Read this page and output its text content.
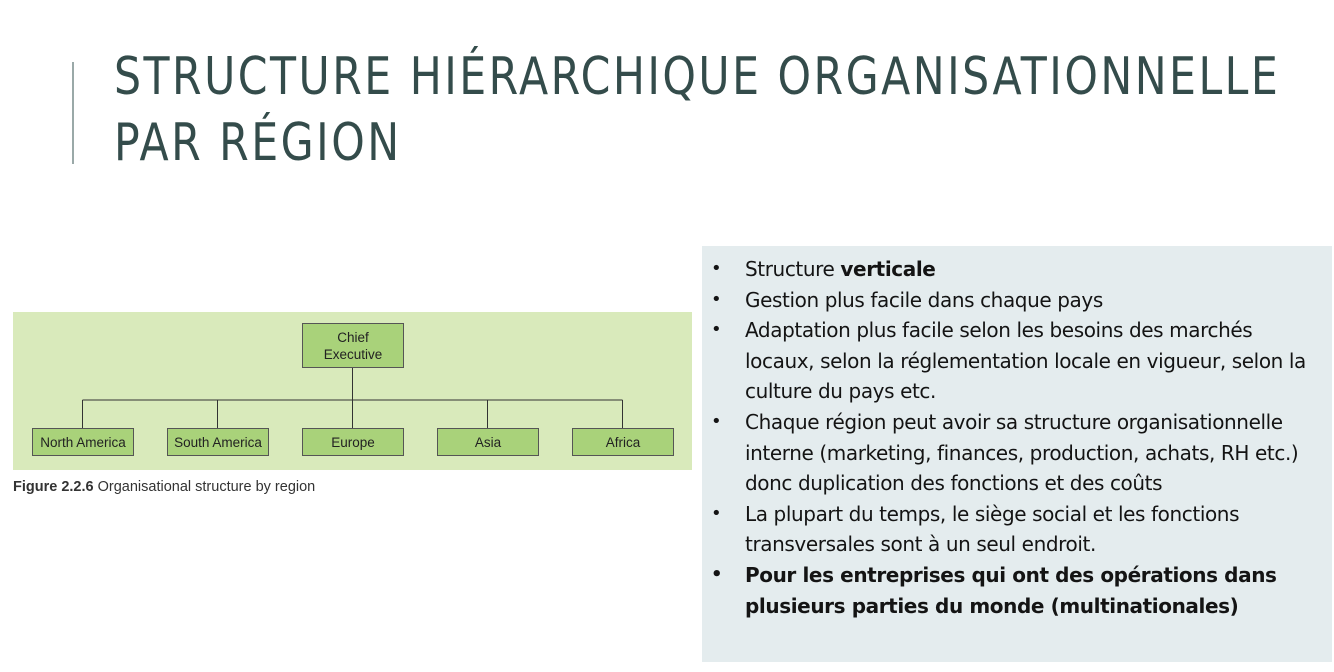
STRUCTURE HIÉRARCHIQUE ORGANISATIONNELLE
PAR RÉGION
Chief
Executive
North America	South America	Europe	Asia	Africa
Figure 2.2.6 Organisational structure by region
• Structure verticale
• Gestion plus facile dans chaque pays
• Adaptation plus facile selon les besoins des marchés locaux, selon la réglementation locale en vigueur, selon la culture du pays etc.
• Chaque région peut avoir sa structure organisationnelle interne (marketing, finances, production, achats, RH etc.) donc duplication des fonctions et des coûts
• La plupart du temps, le siège social et les fonctions transversales sont à un seul endroit.
• Pour les entreprises qui ont des opérations dans plusieurs parties du monde (multinationales)
